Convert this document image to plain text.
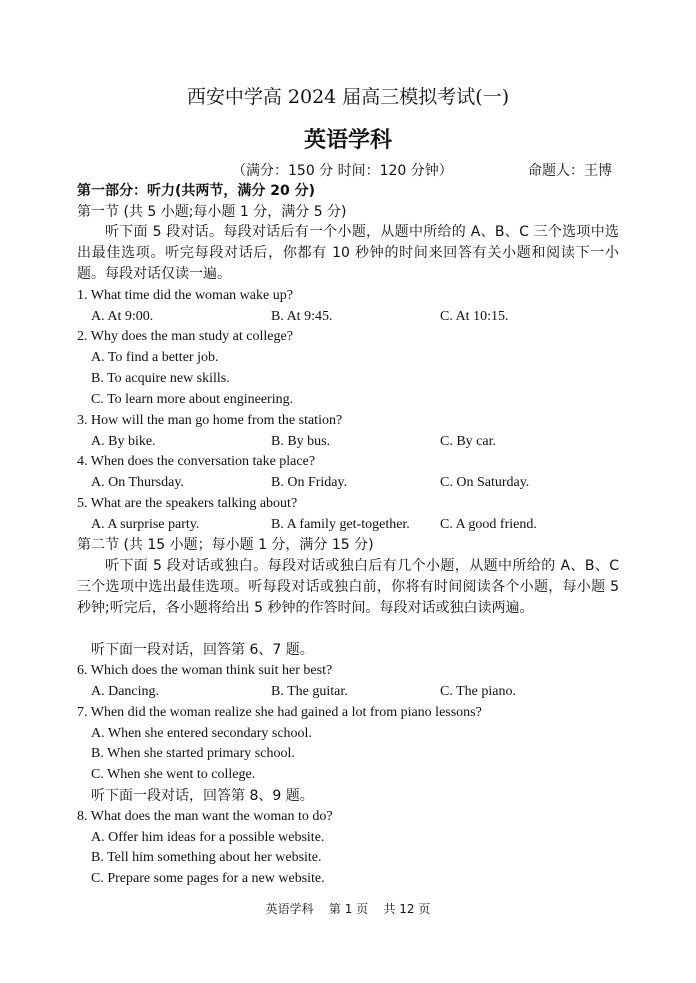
西安中学高 2024 届高三模拟考试(一)
英语学科
（满分：150 分 时间：120 分钟）	命题人：王博
第一部分：听力(共两节，满分 20 分)
第一节 (共 5 小题;每小题 1 分，满分 5 分)
听下面 5 段对话。每段对话后有一个小题，从题中所给的 A、B、C 三个选项中选出最佳选项。听完每段对话后，你都有 10 秒钟的时间来回答有关小题和阅读下一小题。每段对话仅读一遍。
1. What time did the woman wake up?
A. At 9:00.	B. At 9:45.	C. At 10:15.
2. Why does the man study at college?
A. To find a better job.
B. To acquire new skills.
C. To learn more about engineering.
3. How will the man go home from the station?
A. By bike.	B. By bus.	C. By car.
4. When does the conversation take place?
A. On Thursday.	B. On Friday.	C. On Saturday.
5. What are the speakers talking about?
A. A surprise party.	B. A family get-together. C. A good friend.
第二节 (共 15 小题；每小题 1 分，满分 15 分)
听下面 5 段对话或独白。每段对话或独白后有几个小题，从题中所给的 A、B、C 三个选项中选出最佳选项。听每段对话或独白前，你将有时间阅读各个小题，每小题 5 秒钟;听完后，各小题将给出 5 秒钟的作答时间。每段对话或独白读两遍。
听下面一段对话，回答第 6、7 题。
6. Which does the woman think suit her best?
A. Dancing.	B. The guitar.	C. The piano.
7. When did the woman realize she had gained a lot from piano lessons?
A. When she entered secondary school.
B. When she started primary school.
C. When she went to college.
听下面一段对话，回答第 8、9 题。
8. What does the man want the woman to do?
A. Offer him ideas for a possible website.
B. Tell him something about her website.
C. Prepare some pages for a new website.
英语学科 第 1 页 共 12 页
